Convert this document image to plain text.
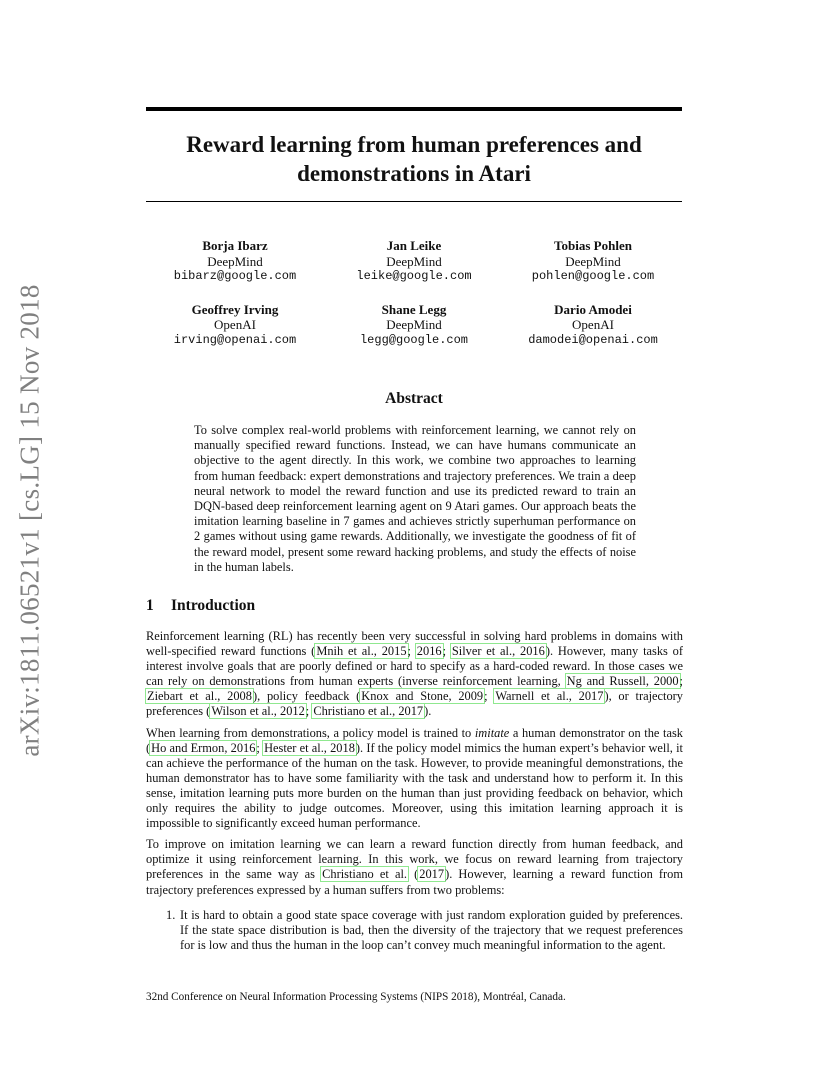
arXiv:1811.06521v1 [cs.LG] 15 Nov 2018
Reward learning from human preferences and
demonstrations in Atari
Borja Ibarz
DeepMind
bibarz@google.com
Jan Leike
DeepMind
leike@google.com
Tobias Pohlen
DeepMind
pohlen@google.com
Geoffrey Irving
OpenAI
irving@openai.com
Shane Legg
DeepMind
legg@google.com
Dario Amodei
OpenAI
damodei@openai.com
Abstract

To solve complex real-world problems with reinforcement learning, we cannot rely on manually specified reward functions. Instead, we can have humans communicate an objective to the agent directly. In this work, we combine two approaches to learning from human feedback: expert demonstrations and trajectory preferences. We train a deep neural network to model the reward function and use its predicted reward to train an DQN-based deep reinforcement learning agent on 9 Atari games. Our approach beats the imitation learning baseline in 7 games and achieves strictly superhuman performance on 2 games without using game rewards. Additionally, we investigate the goodness of fit of the reward model, present some reward hacking problems, and study the effects of noise in the human labels.

1 Introduction

Reinforcement learning (RL) has recently been very successful in solving hard problems in domains with well-specified reward functions (Mnih et al., 2015; 2016; Silver et al., 2016). However, many tasks of interest involve goals that are poorly defined or hard to specify as a hard-coded reward. In those cases we can rely on demonstrations from human experts (inverse reinforcement learning, Ng and Russell, 2000; Ziebart et al., 2008), policy feedback (Knox and Stone, 2009; Warnell et al., 2017), or trajectory preferences (Wilson et al., 2012; Christiano et al., 2017).

When learning from demonstrations, a policy model is trained to imitate a human demonstrator on the task (Ho and Ermon, 2016; Hester et al., 2018). If the policy model mimics the human expert’s behavior well, it can achieve the performance of the human on the task. However, to provide meaningful demonstrations, the human demonstrator has to have some familiarity with the task and understand how to perform it. In this sense, imitation learning puts more burden on the human than just providing feedback on behavior, which only requires the ability to judge outcomes. Moreover, using this imitation learning approach it is impossible to significantly exceed human performance.

To improve on imitation learning we can learn a reward function directly from human feedback, and optimize it using reinforcement learning. In this work, we focus on reward learning from trajectory preferences in the same way as Christiano et al. (2017). However, learning a reward function from trajectory preferences expressed by a human suffers from two problems:

1. It is hard to obtain a good state space coverage with just random exploration guided by preferences. If the state space distribution is bad, then the diversity of the trajectory that we request preferences for is low and thus the human in the loop can’t convey much meaningful information to the agent.

32nd Conference on Neural Information Processing Systems (NIPS 2018), Montréal, Canada.
